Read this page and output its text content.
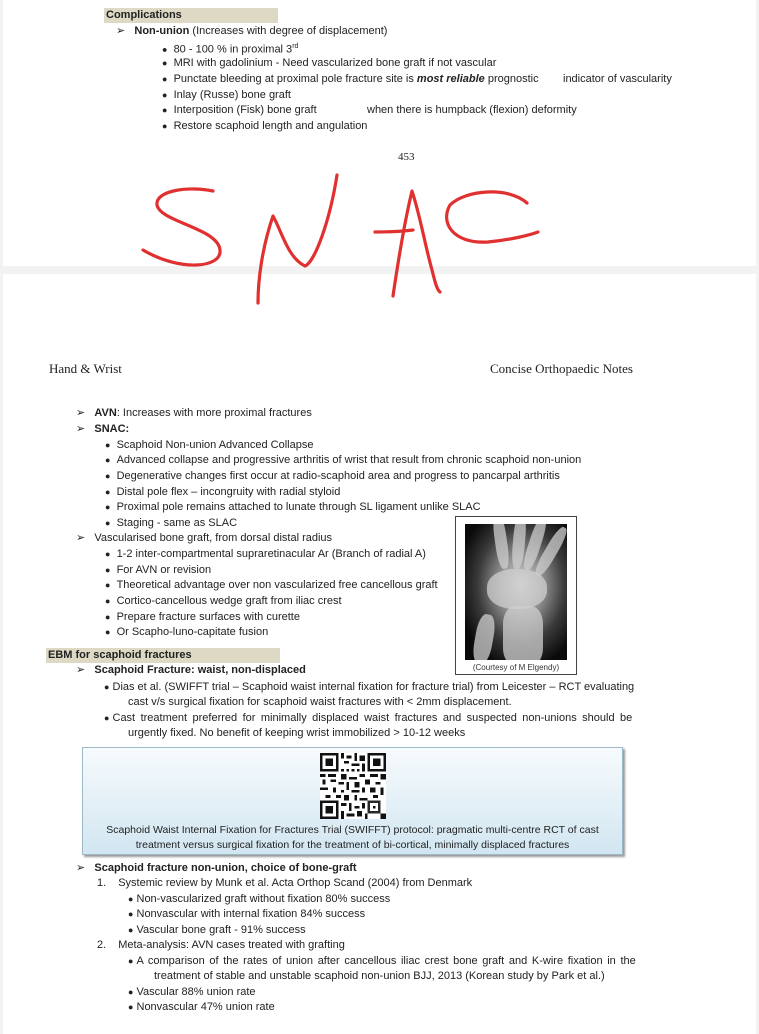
Complications
➢ Non-union (Increases with degree of displacement)
● 80 - 100 % in proximal 3rd
● MRI with gadolinium - Need vascularized bone graft if not vascular
● Punctate bleeding at proximal pole fracture site is most reliable prognostic indicator of vascularity
● Inlay (Russe) bone graft
● Interposition (Fisk) bone graft	when there is humpback (flexion) deformity
● Restore scaphoid length and angulation
453
Hand & Wrist	Concise Orthopaedic Notes
➢ AVN: Increases with more proximal fractures
➢ SNAC:
● Scaphoid Non-union Advanced Collapse
● Advanced collapse and progressive arthritis of wrist that result from chronic scaphoid non-union
● Degenerative changes first occur at radio-scaphoid area and progress to pancarpal arthritis
● Distal pole flex – incongruity with radial styloid
● Proximal pole remains attached to lunate through SL ligament unlike SLAC
● Staging - same as SLAC
➢ Vascularised bone graft, from dorsal distal radius
● 1-2 inter-compartmental supraretinacular Ar (Branch of radial A)
● For AVN or revision
● Theoretical advantage over non vascularized free cancellous graft
● Cortico-cancellous wedge graft from iliac crest
● Prepare fracture surfaces with curette
● Or Scapho-luno-capitate fusion
(Courtesy of M Elgendy)
EBM for scaphoid fractures
➢ Scaphoid Fracture: waist, non-displaced
● Dias et al. (SWIFFT trial – Scaphoid waist internal fixation for fracture trial) from Leicester – RCT evaluating
cast v/s surgical fixation for scaphoid waist fractures with < 2mm displacement.
● Cast treatment preferred for minimally displaced waist fractures and suspected non-unions should be
urgently fixed. No benefit of keeping wrist immobilized > 10-12 weeks
Scaphoid Waist Internal Fixation for Fractures Trial (SWIFFT) protocol: pragmatic multi-centre RCT of cast
treatment versus surgical fixation for the treatment of bi-cortical, minimally displaced fractures
➢ Scaphoid fracture non-union, choice of bone-graft
1. Systemic review by Munk et al. Acta Orthop Scand (2004) from Denmark
● Non-vascularized graft without fixation 80% success
● Nonvascular with internal fixation 84% success
● Vascular bone graft - 91% success
2. Meta-analysis: AVN cases treated with grafting
● A comparison of the rates of union after cancellous iliac crest bone graft and K-wire fixation in the
treatment of stable and unstable scaphoid non-union BJJ, 2013 (Korean study by Park et al.)
● Vascular 88% union rate
● Nonvascular 47% union rate
